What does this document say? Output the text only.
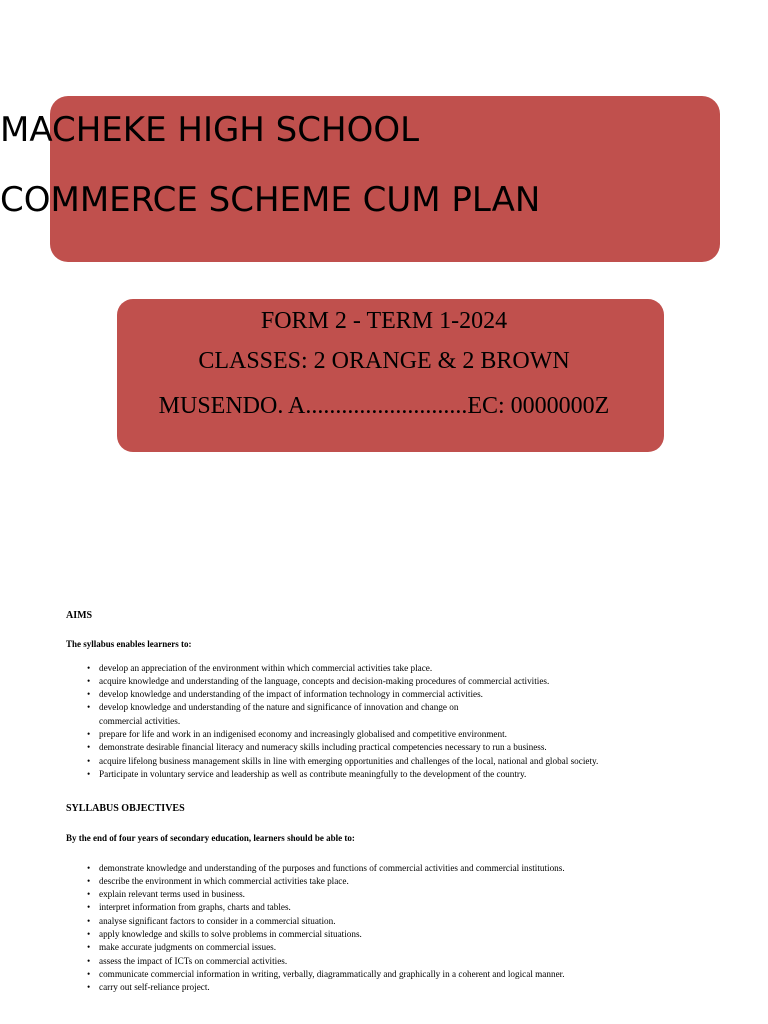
MACHEKE HIGH SCHOOL
COMMERCE SCHEME CUM PLAN
FORM 2 - TERM 1-2024
CLASSES: 2 ORANGE & 2 BROWN
MUSENDO. A...........................EC: 0000000Z
AIMS
The syllabus enables learners to:
• develop an appreciation of the environment within which commercial activities take place.
• acquire knowledge and understanding of the language, concepts and decision-making procedures of commercial activities.
• develop knowledge and understanding of the impact of information technology in commercial activities.
• develop knowledge and understanding of the nature and significance of innovation and change on
commercial activities.
• prepare for life and work in an indigenised economy and increasingly globalised and competitive environment.
• demonstrate desirable financial literacy and numeracy skills including practical competencies necessary to run a business.
• acquire lifelong business management skills in line with emerging opportunities and challenges of the local, national and global society.
• Participate in voluntary service and leadership as well as contribute meaningfully to the development of the country.
SYLLABUS OBJECTIVES
By the end of four years of secondary education, learners should be able to:
• demonstrate knowledge and understanding of the purposes and functions of commercial activities and commercial institutions.
• describe the environment in which commercial activities take place.
• explain relevant terms used in business.
• interpret information from graphs, charts and tables.
• analyse significant factors to consider in a commercial situation.
• apply knowledge and skills to solve problems in commercial situations.
• make accurate judgments on commercial issues.
• assess the impact of ICTs on commercial activities.
• communicate commercial information in writing, verbally, diagrammatically and graphically in a coherent and logical manner.
• carry out self-reliance project.
